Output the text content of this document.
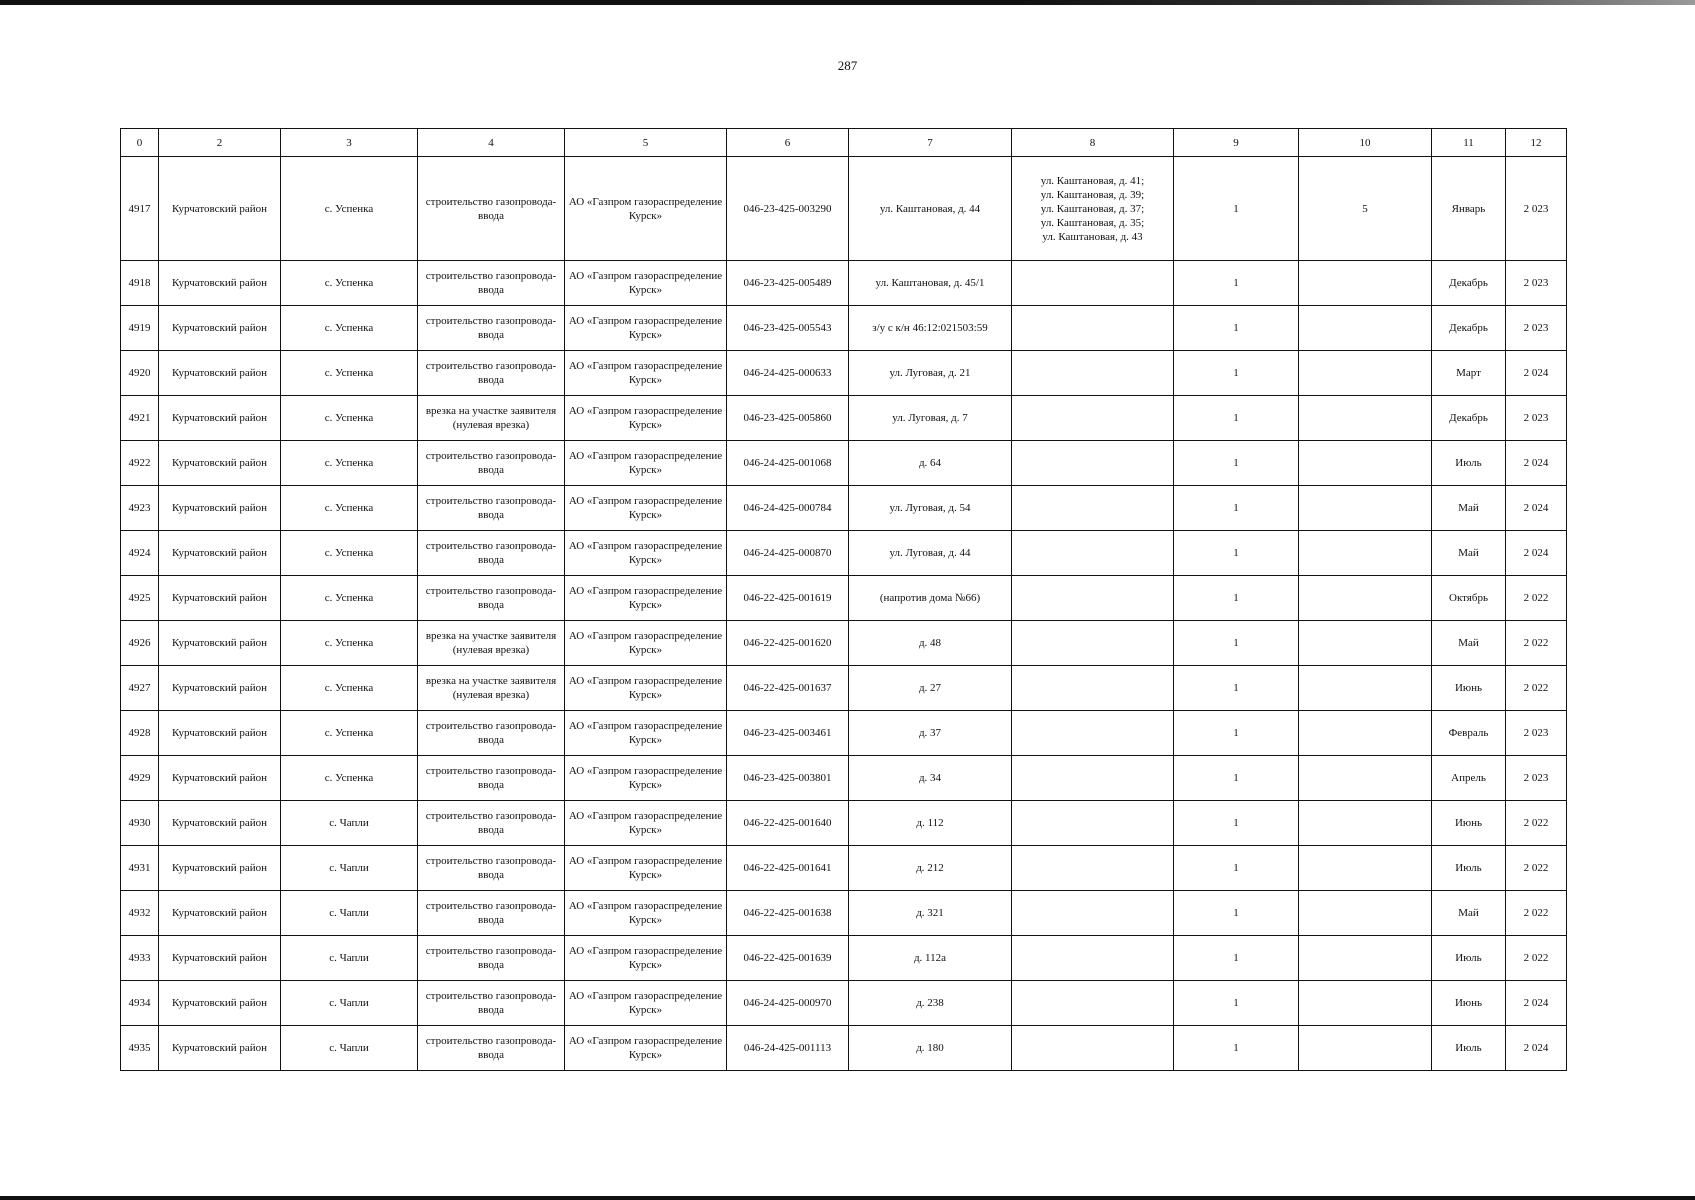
287
0	2	3	4	5	6	7	8	9	10	11	12
4917	Курчатовский район	с. Успенка	строительство газопровода-ввода	АО «Газпром газораспределение Курск»	046-23-425-003290	ул. Каштановая, д. 44	ул. Каштановая, д. 41;
ул. Каштановая, д. 39;
ул. Каштановая, д. 37;
ул. Каштановая, д. 35;
ул. Каштановая, д. 43	1	5	Январь	2 023
4918	Курчатовский район	с. Успенка	строительство газопровода-ввода	АО «Газпром газораспределение Курск»	046-23-425-005489	ул. Каштановая, д. 45/1		1		Декабрь	2 023
4919	Курчатовский район	с. Успенка	строительство газопровода-ввода	АО «Газпром газораспределение Курск»	046-23-425-005543	з/у с к/н 46:12:021503:59		1		Декабрь	2 023
4920	Курчатовский район	с. Успенка	строительство газопровода-ввода	АО «Газпром газораспределение Курск»	046-24-425-000633	ул. Луговая, д. 21		1		Март	2 024
4921	Курчатовский район	с. Успенка	врезка на участке заявителя (нулевая врезка)	АО «Газпром газораспределение Курск»	046-23-425-005860	ул. Луговая, д. 7		1		Декабрь	2 023
4922	Курчатовский район	с. Успенка	строительство газопровода-ввода	АО «Газпром газораспределение Курск»	046-24-425-001068	д. 64		1		Июль	2 024
4923	Курчатовский район	с. Успенка	строительство газопровода-ввода	АО «Газпром газораспределение Курск»	046-24-425-000784	ул. Луговая, д. 54		1		Май	2 024
4924	Курчатовский район	с. Успенка	строительство газопровода-ввода	АО «Газпром газораспределение Курск»	046-24-425-000870	ул. Луговая, д. 44		1		Май	2 024
4925	Курчатовский район	с. Успенка	строительство газопровода-ввода	АО «Газпром газораспределение Курск»	046-22-425-001619	(напротив дома №66)		1		Октябрь	2 022
4926	Курчатовский район	с. Успенка	врезка на участке заявителя (нулевая врезка)	АО «Газпром газораспределение Курск»	046-22-425-001620	д. 48		1		Май	2 022
4927	Курчатовский район	с. Успенка	врезка на участке заявителя (нулевая врезка)	АО «Газпром газораспределение Курск»	046-22-425-001637	д. 27		1		Июнь	2 022
4928	Курчатовский район	с. Успенка	строительство газопровода-ввода	АО «Газпром газораспределение Курск»	046-23-425-003461	д. 37		1		Февраль	2 023
4929	Курчатовский район	с. Успенка	строительство газопровода-ввода	АО «Газпром газораспределение Курск»	046-23-425-003801	д. 34		1		Апрель	2 023
4930	Курчатовский район	с. Чапли	строительство газопровода-ввода	АО «Газпром газораспределение Курск»	046-22-425-001640	д. 112		1		Июнь	2 022
4931	Курчатовский район	с. Чапли	строительство газопровода-ввода	АО «Газпром газораспределение Курск»	046-22-425-001641	д. 212		1		Июль	2 022
4932	Курчатовский район	с. Чапли	строительство газопровода-ввода	АО «Газпром газораспределение Курск»	046-22-425-001638	д. 321		1		Май	2 022
4933	Курчатовский район	с. Чапли	строительство газопровода-ввода	АО «Газпром газораспределение Курск»	046-22-425-001639	д. 112а		1		Июль	2 022
4934	Курчатовский район	с. Чапли	строительство газопровода-ввода	АО «Газпром газораспределение Курск»	046-24-425-000970	д. 238		1		Июнь	2 024
4935	Курчатовский район	с. Чапли	строительство газопровода-ввода	АО «Газпром газораспределение Курск»	046-24-425-001113	д. 180		1		Июль	2 024
